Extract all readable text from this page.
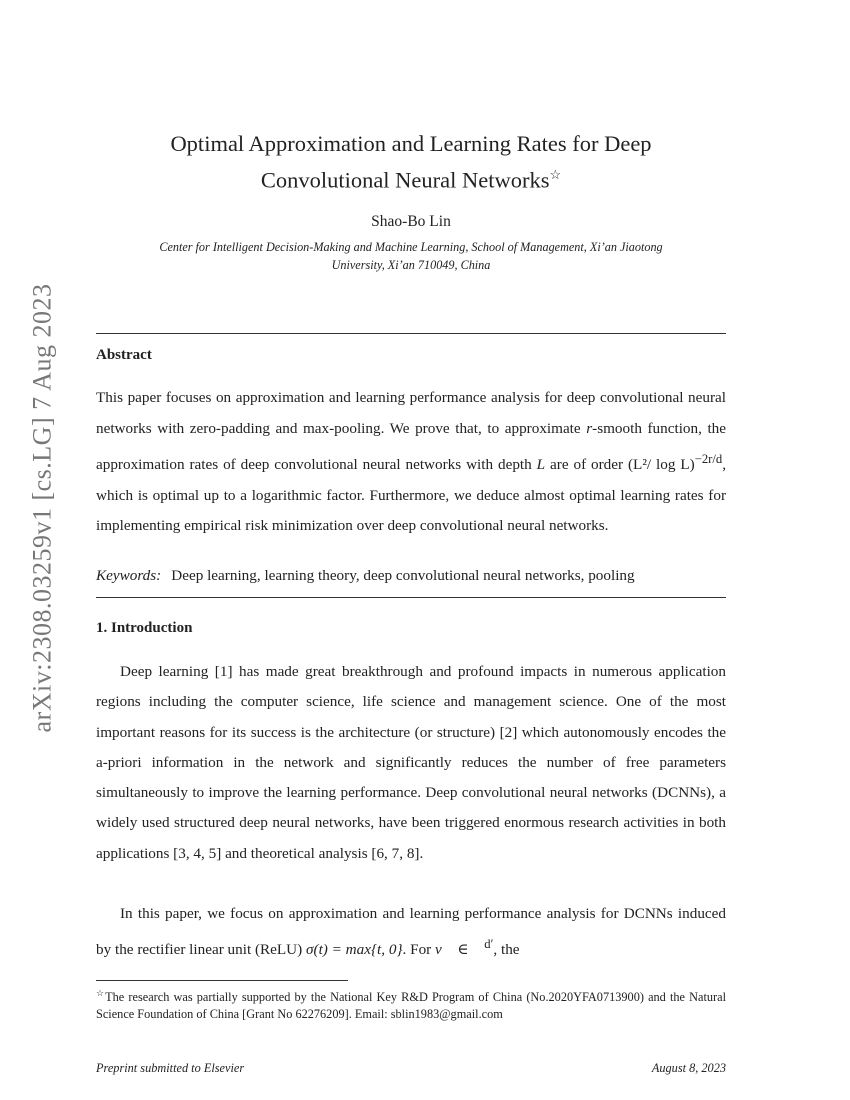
arXiv:2308.03259v1 [cs.LG] 7 Aug 2023
Optimal Approximation and Learning Rates for Deep
Convolutional Neural Networks☆
Shao-Bo Lin
Center for Intelligent Decision-Making and Machine Learning, School of Management, Xi’an Jiaotong
University, Xi’an 710049, China
Abstract

This paper focuses on approximation and learning performance analysis for deep convolutional neural networks with zero-padding and max-pooling. We prove that, to approximate r-smooth function, the approximation rates of deep convolutional neural networks with depth L are of order (L²/ log L)$^{-2r/d}$, which is optimal up to a logarithmic factor. Furthermore, we deduce almost optimal learning rates for implementing empirical risk minimization over deep convolutional neural networks.

Keywords: Deep learning, learning theory, deep convolutional neural networks, pooling
1. Introduction

Deep learning [1] has made great breakthrough and profound impacts in numerous application regions including the computer science, life science and management science. One of the most important reasons for its success is the architecture (or structure) [2] which autonomously encodes the a-priori information in the network and significantly reduces the number of free parameters simultaneously to improve the learning performance. Deep convolutional neural networks (DCNNs), a widely used structured deep neural networks, have been triggered enormous research activities in both applications [3, 4, 5] and theoretical analysis [6, 7, 8].

In this paper, we focus on approximation and learning performance analysis for DCNNs induced by the rectifier linear unit (ReLU) σ(t) = max{t, 0}. For v⃗ ∈ ℝ$^{d'}$, the

☆The research was partially supported by the National Key R&D Program of China (No.2020YFA0713900) and the Natural Science Foundation of China [Grant No 62276209]. Email: sblin1983@gmail.com

Preprint submitted to Elsevier	August 8, 2023
